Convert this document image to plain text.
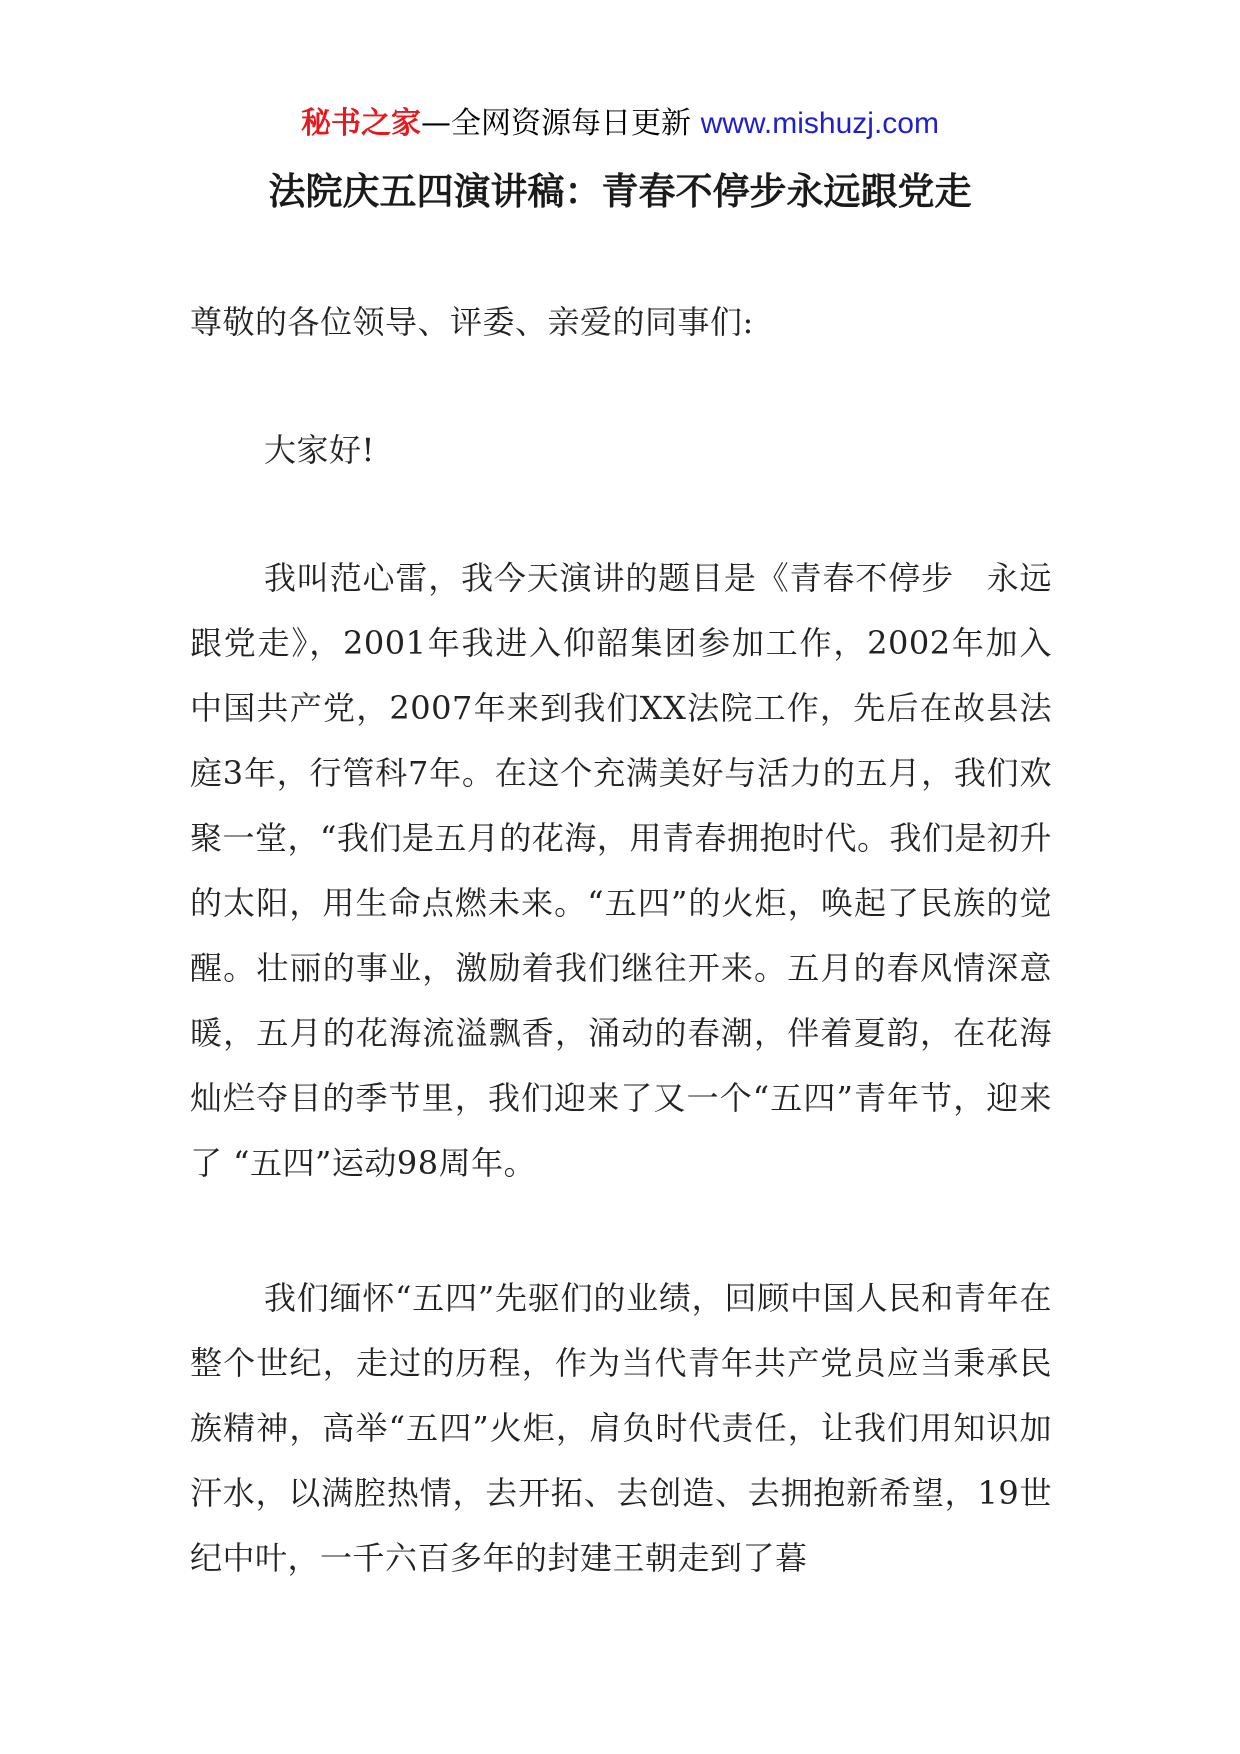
秘书之家—全网资源每日更新 www.mishuzj.com
法院庆五四演讲稿：青春不停步永远跟党走

尊敬的各位领导、评委、亲爱的同事们:

大家好!

我叫范心雷，我今天演讲的题目是《青春不停步　永远跟党走》，2001年我进入仰韶集团参加工作，2002年加入中国共产党，2007年来到我们XX法院工作，先后在故县法庭3年，行管科7年。在这个充满美好与活力的五月，我们欢聚一堂，“我们是五月的花海，用青春拥抱时代。我们是初升的太阳，用生命点燃未来。“五四”的火炬，唤起了民族的觉醒。壮丽的事业，激励着我们继往开来。五月的春风情深意暖，五月的花海流溢飘香，涌动的春潮，伴着夏韵，在花海灿烂夺目的季节里，我们迎来了又一个“五四”青年节，迎来了 “五四”运动98周年。

我们缅怀“五四”先驱们的业绩，回顾中国人民和青年在整个世纪，走过的历程，作为当代青年共产党员应当秉承民族精神，高举“五四”火炬，肩负时代责任，让我们用知识加汗水，以满腔热情，去开拓、去创造、去拥抱新希望，19世纪中叶，一千六百多年的封建王朝走到了暮
